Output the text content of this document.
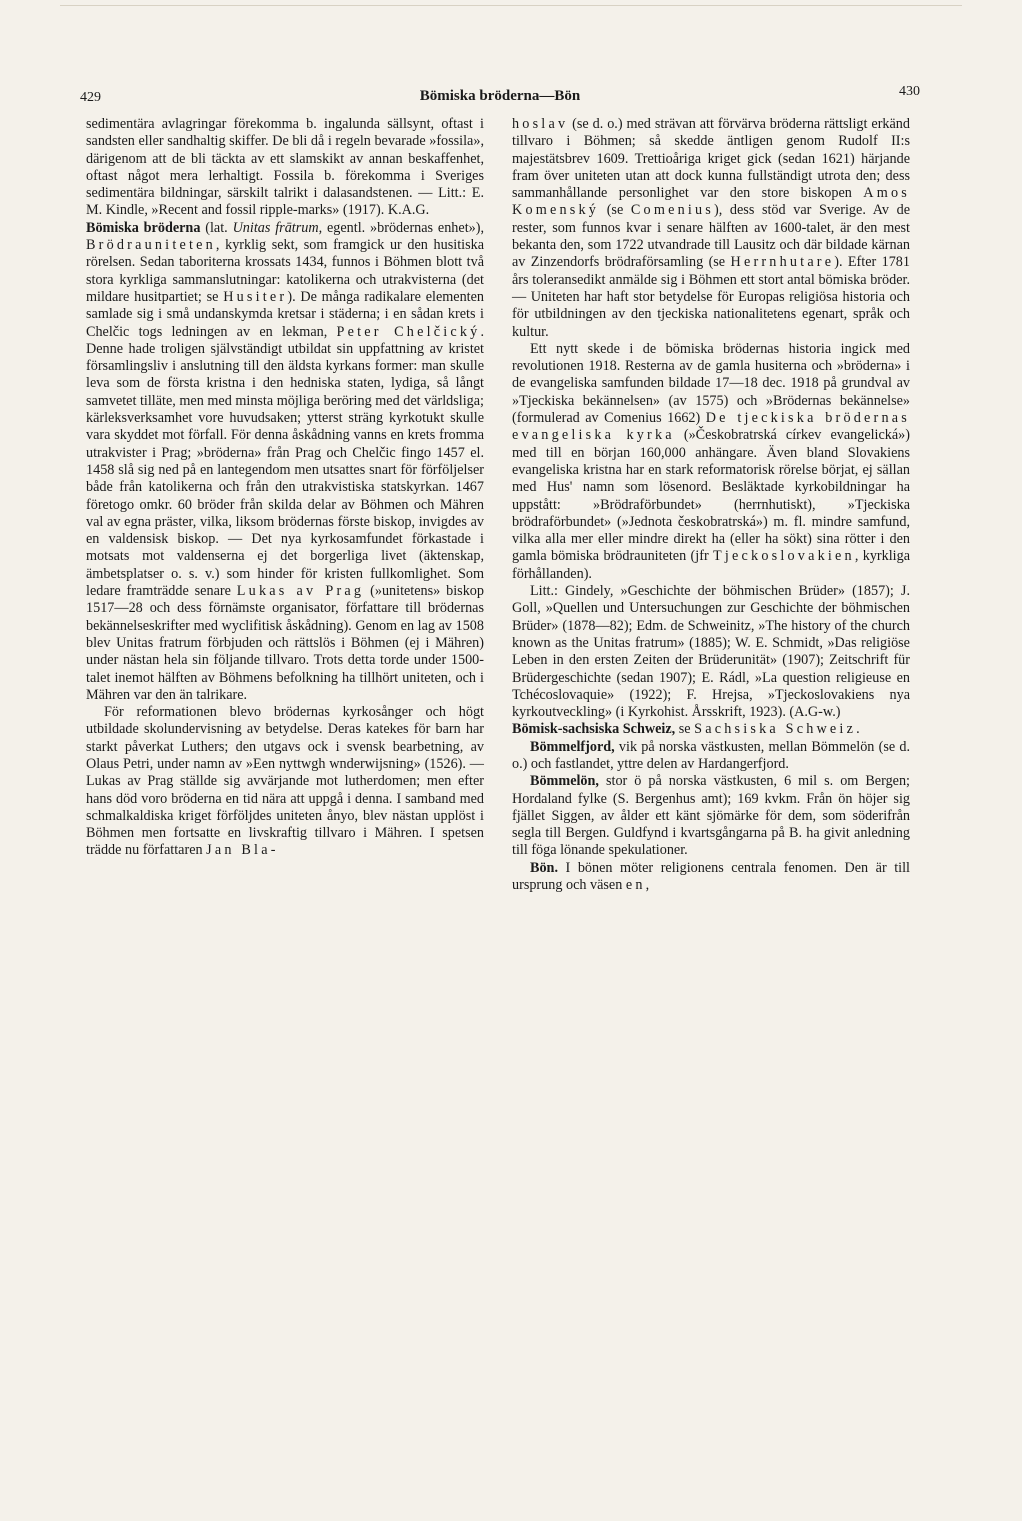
429	Bömiska bröderna—Bön	430

sedimentära avlagringar förekomma b. ingalunda sällsynt, oftast i sandsten eller sandhaltig skiffer. De bli då i regeln bevarade »fossila», därigenom att de bli täckta av ett slamskikt av annan beskaffenhet, oftast något mera lerhaltigt. Fossila b. förekomma i Sveriges sedimentära bildningar, särskilt talrikt i dalasandstenen. — Litt.: E. M. Kindle, »Recent and fossil ripple-marks» (1917). K.A.G.

Bömiska bröderna (lat. Unitas frātrum, egentl. »brödernas enhet»), Brödrauniteten, kyrklig sekt, som framgick ur den husitiska rörelsen. Sedan taboriterna krossats 1434, funnos i Böhmen blott två stora kyrkliga sammanslutningar: katolikerna och utrakvisterna (det mildare husitpartiet; se Husiter). De många radikalare elementen samlade sig i små undanskymda kretsar i städerna; i en sådan krets i Chelčic togs ledningen av en lekman, Peter Chelčický. Denne hade troligen självständigt utbildat sin uppfattning av kristet församlingsliv i anslutning till den äldsta kyrkans former: man skulle leva som de första kristna i den hedniska staten, lydiga, så långt samvetet tilläte, men med minsta möjliga beröring med det världsliga; kärleksverksamhet vore huvudsaken; ytterst sträng kyrkotukt skulle vara skyddet mot förfall. För denna åskådning vanns en krets fromma utrakvister i Prag; »bröderna» från Prag och Chelčic fingo 1457 el. 1458 slå sig ned på en lantegendom men utsattes snart för förföljelser både från katolikerna och från den utrakvistiska statskyrkan. 1467 företogo omkr. 60 bröder från skilda delar av Böhmen och Mähren val av egna präster, vilka, liksom brödernas förste biskop, invigdes av en valdensisk biskop. — Det nya kyrkosamfundet förkastade i motsats mot valdenserna ej det borgerliga livet (äktenskap, ämbetsplatser o. s. v.) som hinder för kristen fullkomlighet. Som ledare framträdde senare Lukas av Prag (»unitetens» biskop 1517—28 och dess förnämste organisator, författare till brödernas bekännelseskrifter med wyclifitisk åskådning). Genom en lag av 1508 blev Unitas fratrum förbjuden och rättslös i Böhmen (ej i Mähren) under nästan hela sin följande tillvaro. Trots detta torde under 1500-talet inemot hälften av Böhmens befolkning ha tillhört uniteten, och i Mähren var den än talrikare.

För reformationen blevo brödernas kyrkosånger och högt utbildade skolundervisning av betydelse. Deras katekes för barn har starkt påverkat Luthers; den utgavs ock i svensk bearbetning, av Olaus Petri, under namn av »Een nyttwgh wnderwijsning» (1526). — Lukas av Prag ställde sig avvärjande mot lutherdomen; men efter hans död voro bröderna en tid nära att uppgå i denna. I samband med schmalkaldiska kriget förföljdes uniteten ånyo, blev nästan upplöst i Böhmen men fortsatte en livskraftig tillvaro i Mähren. I spetsen trädde nu författaren Jan Bla-

hoslav (se d. o.) med strävan att förvärva bröderna rättsligt erkänd tillvaro i Böhmen; så skedde äntligen genom Rudolf II:s majestätsbrev 1609. Trettioåriga kriget gick (sedan 1621) härjande fram över uniteten utan att dock kunna fullständigt utrota den; dess sammanhållande personlighet var den store biskopen Amos Komenský (se Comenius), dess stöd var Sverige. Av de rester, som funnos kvar i senare hälften av 1600-talet, är den mest bekanta den, som 1722 utvandrade till Lausitz och där bildade kärnan av Zinzendorfs brödraförsamling (se Herrnhutare). Efter 1781 års toleransedikt anmälde sig i Böhmen ett stort antal bömiska bröder. — Uniteten har haft stor betydelse för Europas religiösa historia och för utbildningen av den tjeckiska nationalitetens egenart, språk och kultur.

Ett nytt skede i de bömiska brödernas historia ingick med revolutionen 1918. Resterna av de gamla husiterna och »bröderna» i de evangeliska samfunden bildade 17—18 dec. 1918 på grundval av »Tjeckiska bekännelsen» (av 1575) och »Brödernas bekännelse» (formulerad av Comenius 1662) De tjeckiska brödernas evangeliska kyrka (»Českobratrská církev evangelická») med till en början 160,000 anhängare. Även bland Slovakiens evangeliska kristna har en stark reformatorisk rörelse börjat, ej sällan med Hus' namn som lösenord. Besläktade kyrkobildningar ha uppstått: »Brödraförbundet» (herrnhutiskt), »Tjeckiska brödraförbundet» (»Jednota českobratrská») m. fl. mindre samfund, vilka alla mer eller mindre direkt ha (eller ha sökt) sina rötter i den gamla bömiska brödrauniteten (jfr Tjeckoslovakien, kyrkliga förhållanden).

Litt.: Gindely, »Geschichte der böhmischen Brüder» (1857); J. Goll, »Quellen und Untersuchungen zur Geschichte der böhmischen Brüder» (1878—82); Edm. de Schweinitz, »The history of the church known as the Unitas fratrum» (1885); W. E. Schmidt, »Das religiöse Leben in den ersten Zeiten der Brüderunität» (1907); Zeitschrift für Brüdergeschichte (sedan 1907); E. Rádl, »La question religieuse en Tchécoslovaquie» (1922); F. Hrejsa, »Tjeckoslovakiens nya kyrkoutveckling» (i Kyrkohist. Årsskrift, 1923). (A.G-w.)

Bömisk-sachsiska Schweiz, se Sachsiska Schweiz.

Bömmelfjord, vik på norska västkusten, mellan Bömmelön (se d. o.) och fastlandet, yttre delen av Hardangerfjord.

Bömmelön, stor ö på norska västkusten, 6 mil s. om Bergen; Hordaland fylke (S. Bergenhus amt); 169 kvkm. Från ön höjer sig fjället Siggen, av ålder ett känt sjömärke för dem, som söderifrån segla till Bergen. Guldfynd i kvartsgångarna på B. ha givit anledning till föga lönande spekulationer.

Bön. I bönen möter religionens centrala fenomen. Den är till ursprung och väsen en,
